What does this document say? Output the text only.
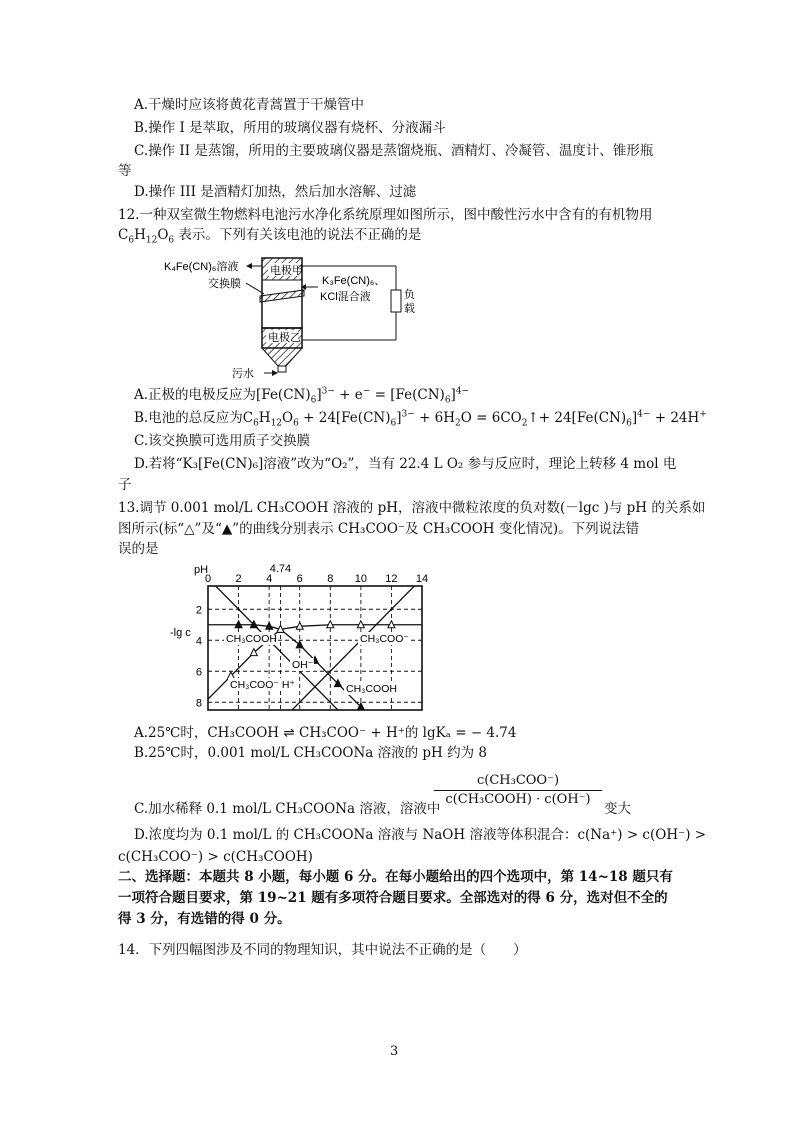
A.干燥时应该将黄花青蒿置于干燥管中
B.操作 I 是萃取，所用的玻璃仪器有烧杯、分液漏斗
C.操作 II 是蒸馏，所用的主要玻璃仪器是蒸馏烧瓶、酒精灯、冷凝管、温度计、锥形瓶
等
D.操作 III 是酒精灯加热，然后加水溶解、过滤
12.一种双室微生物燃料电池污水净化系统原理如图所示，图中酸性污水中含有的有机物用
$C_6H_{12}O_6$ 表示。下列有关该电池的说法不正确的是
电极甲
电极乙
K₄Fe(CN)₆溶液
交换膜
负
载
K₃Fe(CN)₆、
KCl混合液
污水
A.正极的电极反应为$[Fe(CN)_6]^{3-} + e^- = [Fe(CN)_6]^{4-}$
B.电池的总反应为$C_6H_{12}O_6 + 24[Fe(CN)_6]^{3-} + 6H_2O$ = $6CO_2↑+ 24[Fe(CN)_6]^{4-} + 24H^+$
C.该交换膜可选用质子交换膜
D.若将“K₃[Fe(CN)₆]溶液”改为“O₂”，当有 22.4 L O₂ 参与反应时，理论上转移 4 mol 电
子
13.调节 0.001 mol/L CH₃COOH 溶液的 pH，溶液中微粒浓度的负对数(－lgc )与 pH 的关系如
图所示(标“△”及“▲”的曲线分别表示 CH₃COO⁻及 CH₃COOH 变化情况)。下列说法错
误的是
pH
-lg c
0 2 4
4.74
6 8 10 12 14
2
4
6
8
CH₃COOH	CH₃COO⁻
OH⁻
CH₃COO⁻ H⁺	CH₃COOH
A.25℃时，CH₃COOH ⇌ CH₃COO⁻ + H⁺的 lgKₐ = − 4.74
B.25℃时，0.001 mol/L CH₃COONa 溶液的 pH 约为 8
C.加水稀释 0.1 mol/L CH₃COONa 溶液，溶液中
c(CH₃COO⁻)
c(CH₃COOH) · c(OH⁻)
变大
D.浓度均为 0.1 mol/L 的 CH₃COONa 溶液与 NaOH 溶液等体积混合：c(Na⁺) > c(OH⁻) >
c(CH₃COO⁻) > c(CH₃COOH)
二、选择题：本题共 8 小题，每小题 6 分。在每小题给出的四个选项中，第 14~18 题只有
一项符合题目要求，第 19~21 题有多项符合题目要求。全部选对的得 6 分，选对但不全的
得 3 分，有选错的得 0 分。
14．下列四幅图涉及不同的物理知识，其中说法不正确的是（　　）
3
